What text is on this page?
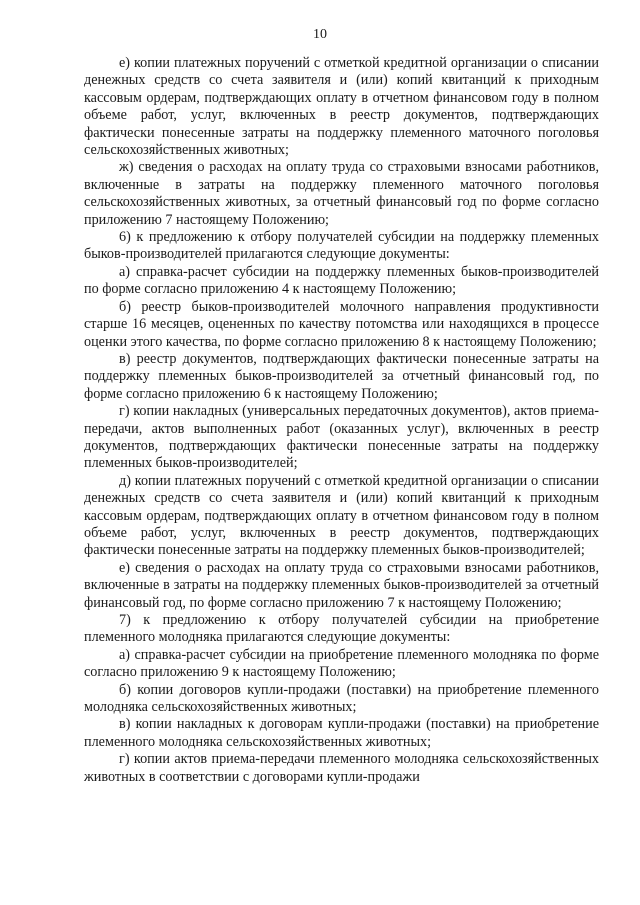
10

е) копии платежных поручений с отметкой кредитной организации о списании денежных средств со счета заявителя и (или) копий квитанций к приходным кассовым ордерам, подтверждающих оплату в отчетном финансовом году в полном объеме работ, услуг, включенных в реестр документов, подтверждающих фактически понесенные затраты на поддержку племенного маточного поголовья сельскохозяйственных животных;

ж) сведения о расходах на оплату труда со страховыми взносами работников, включенные в затраты на поддержку племенного маточного поголовья сельскохозяйственных животных, за отчетный финансовый год по форме согласно приложению 7 настоящему Положению;

6) к предложению к отбору получателей субсидии на поддержку племенных быков-производителей прилагаются следующие документы:

а) справка-расчет субсидии на поддержку племенных быков-производителей по форме согласно приложению 4 к настоящему Положению;

б) реестр быков-производителей молочного направления продуктивности старше 16 месяцев, оцененных по качеству потомства или находящихся в процессе оценки этого качества, по форме согласно приложению 8 к настоящему Положению;

в) реестр документов, подтверждающих фактически понесенные затраты на поддержку племенных быков-производителей за отчетный финансовый год, по форме согласно приложению 6 к настоящему Положению;

г) копии накладных (универсальных передаточных документов), актов приема-передачи, актов выполненных работ (оказанных услуг), включенных в реестр документов, подтверждающих фактически понесенные затраты на поддержку племенных быков-производителей;

д) копии платежных поручений с отметкой кредитной организации о списании денежных средств со счета заявителя и (или) копий квитанций к приходным кассовым ордерам, подтверждающих оплату в отчетном финансовом году в полном объеме работ, услуг, включенных в реестр документов, подтверждающих фактически понесенные затраты на поддержку племенных быков-производителей;

е) сведения о расходах на оплату труда со страховыми взносами работников, включенные в затраты на поддержку племенных быков-производителей за отчетный финансовый год, по форме согласно приложению 7 к настоящему Положению;

7) к предложению к отбору получателей субсидии на приобретение племенного молодняка прилагаются следующие документы:

а) справка-расчет субсидии на приобретение племенного молодняка по форме согласно приложению 9 к настоящему Положению;

б) копии договоров купли-продажи (поставки) на приобретение племенного молодняка сельскохозяйственных животных;

в) копии накладных к договорам купли-продажи (поставки) на приобретение племенного молодняка сельскохозяйственных животных;

г) копии актов приема-передачи племенного молодняка сельскохозяйственных животных в соответствии с договорами купли-продажи
